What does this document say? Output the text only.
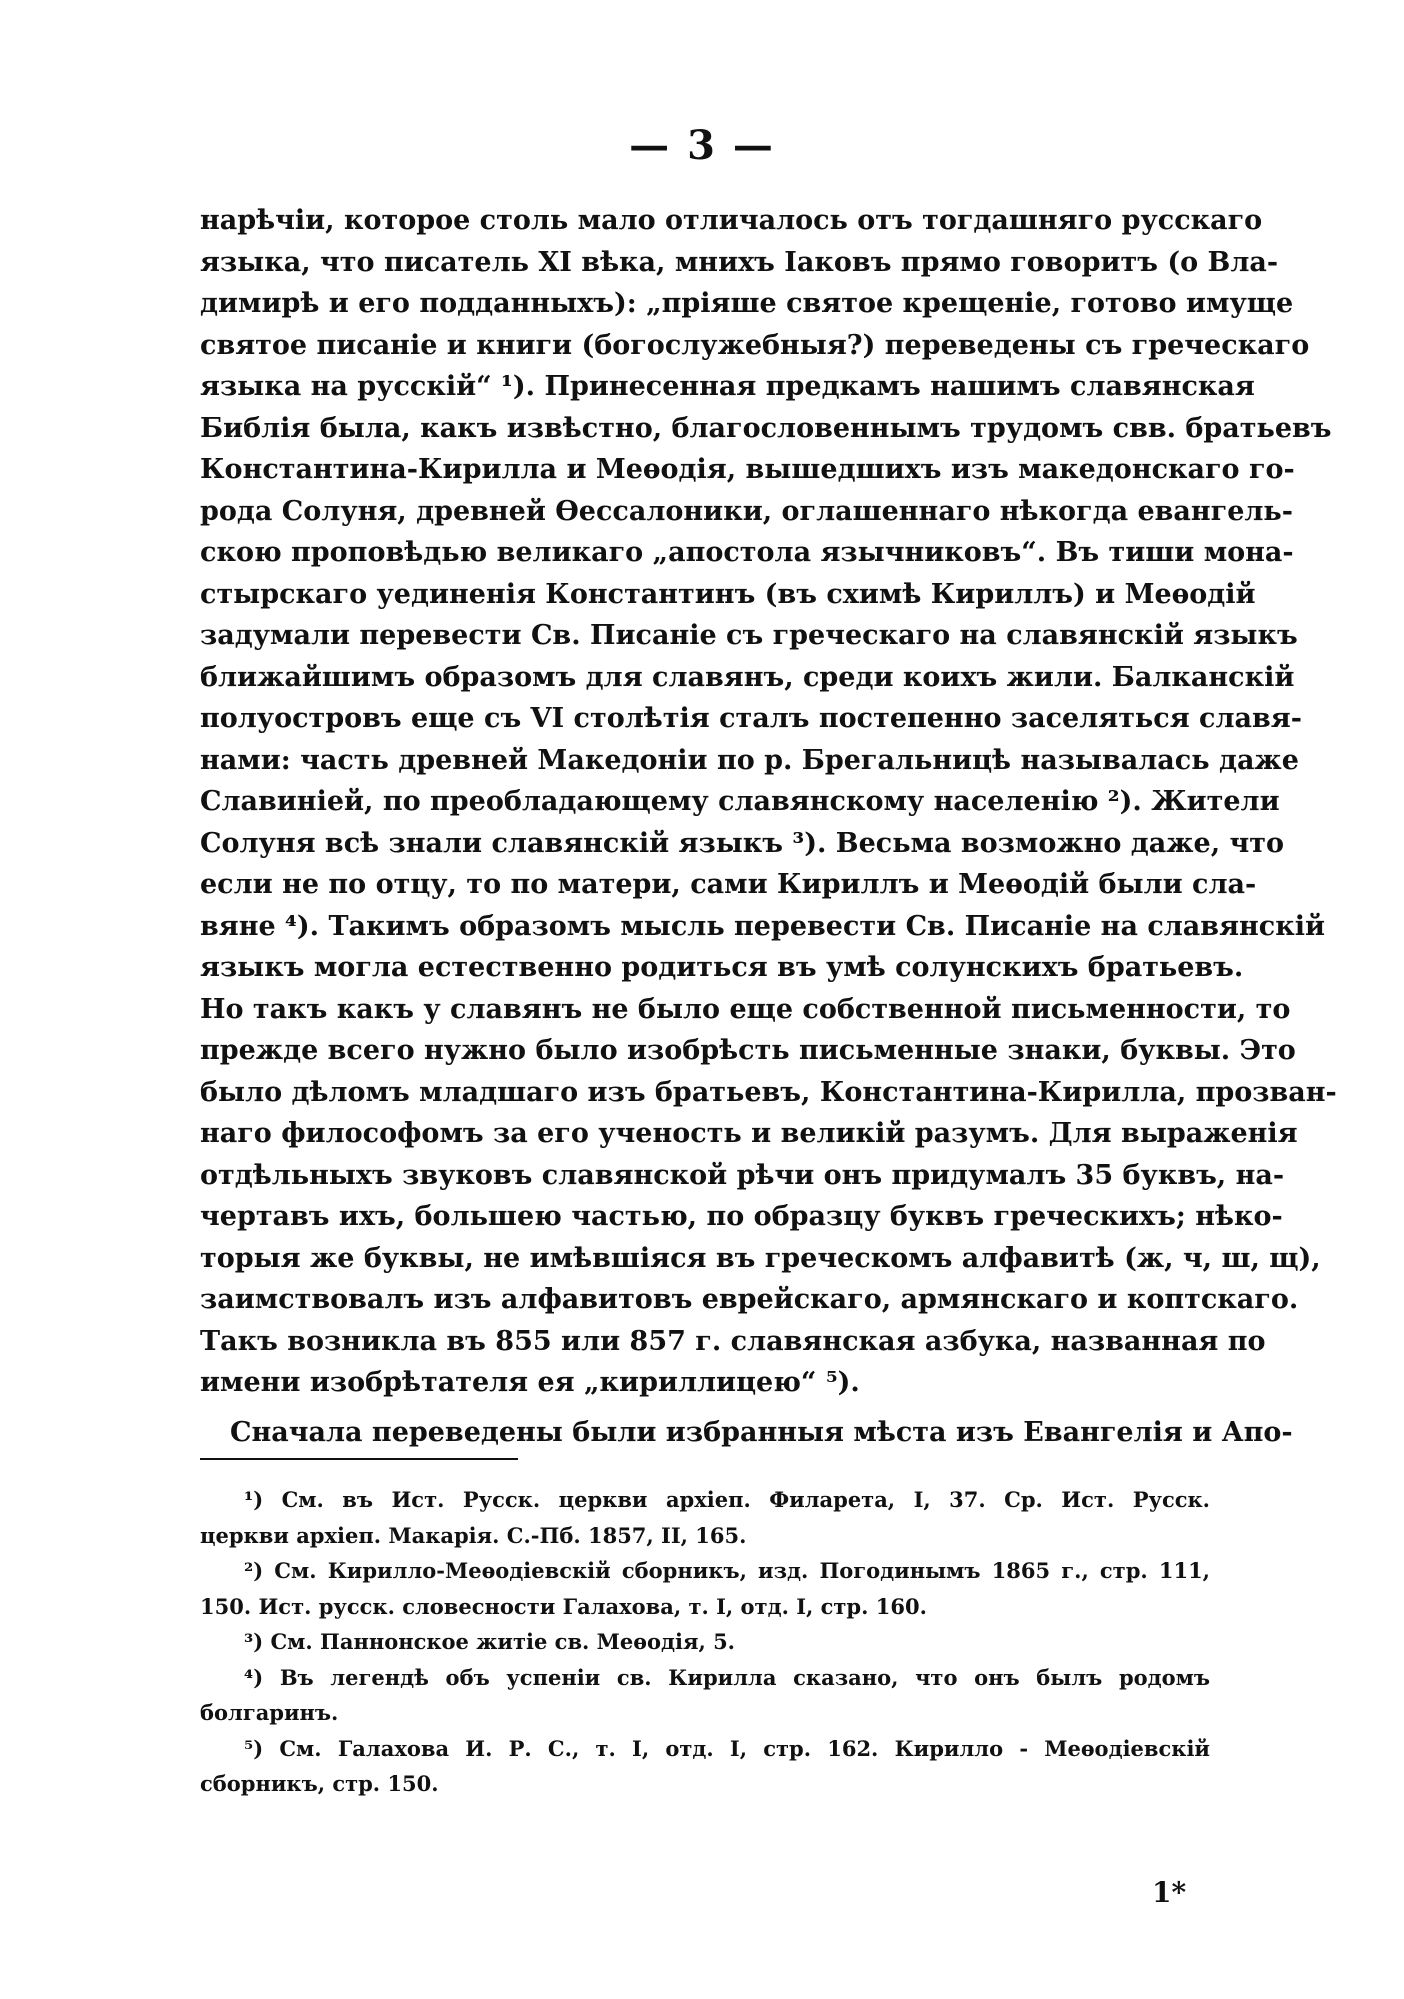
— 3 —
нарѣчіи, которое столь мало отличалось отъ тогдашняго русскаго
языка, что писатель XI вѣка, мнихъ Іаковъ прямо говоритъ (о Вла-
димирѣ и его подданныхъ): „пріяше святое крещеніе, готово имуще
святое писаніе и книги (богослужебныя?) переведены съ греческаго
языка на русскій“ ¹). Принесенная предкамъ нашимъ славянская
Библія была, какъ извѣстно, благословеннымъ трудомъ свв. братьевъ
Константина-Кирилла и Меѳодія, вышедшихъ изъ македонскаго го-
рода Солуня, древней Ѳессалоники, оглашеннаго нѣкогда евангель-
скою проповѣдью великаго „апостола язычниковъ“. Въ тиши мона-
стырскаго уединенія Константинъ (въ схимѣ Кириллъ) и Меѳодій
задумали перевести Св. Писаніе съ греческаго на славянскій языкъ
ближайшимъ образомъ для славянъ, среди коихъ жили. Балканскій
полуостровъ еще съ VI столѣтія сталъ постепенно заселяться славя-
нами: часть древней Македоніи по р. Брегальницѣ называлась даже
Славиніей, по преобладающему славянскому населенію ²). Жители
Солуня всѣ знали славянскій языкъ ³). Весьма возможно даже, что
если не по отцу, то по матери, сами Кириллъ и Меѳодій были сла-
вяне ⁴). Такимъ образомъ мысль перевести Св. Писаніе на славянскій
языкъ могла естественно родиться въ умѣ солунскихъ братьевъ.
Но такъ какъ у славянъ не было еще собственной письменности, то
прежде всего нужно было изобрѣсть письменные знаки, буквы. Это
было дѣломъ младшаго изъ братьевъ, Константина-Кирилла, прозван-
наго философомъ за его ученость и великій разумъ. Для выраженія
отдѣльныхъ звуковъ славянской рѣчи онъ придумалъ 35 буквъ, на-
чертавъ ихъ, большею частью, по образцу буквъ греческихъ; нѣко-
торыя же буквы, не имѣвшіяся въ греческомъ алфавитѣ (ж, ч, ш, щ),
заимствовалъ изъ алфавитовъ еврейскаго, армянскаго и коптскаго.
Такъ возникла въ 855 или 857 г. славянская азбука, названная по
имени изобрѣтателя ея „кириллицею“ ⁵).
Сначала переведены были избранныя мѣста изъ Евангелія и Апо-
¹) См. въ Ист. Русск. церкви архіеп. Филарета, I, 37. Ср. Ист. Русск.
церкви архіеп. Макарія. С.-Пб. 1857, II, 165.
²) См. Кирилло-Меѳодіевскій сборникъ, изд. Погодинымъ 1865 г., стр. 111,
150. Ист. русск. словесности Галахова, т. I, отд. I, стр. 160.
³) См. Паннонское житіе св. Меѳодія, 5.
⁴) Въ легендѣ объ успеніи св. Кирилла сказано, что онъ былъ родомъ
болгаринъ.
⁵) См. Галахова И. Р. С., т. I, отд. I, стр. 162. Кирилло - Меѳодіевскій
сборникъ, стр. 150.
1*
